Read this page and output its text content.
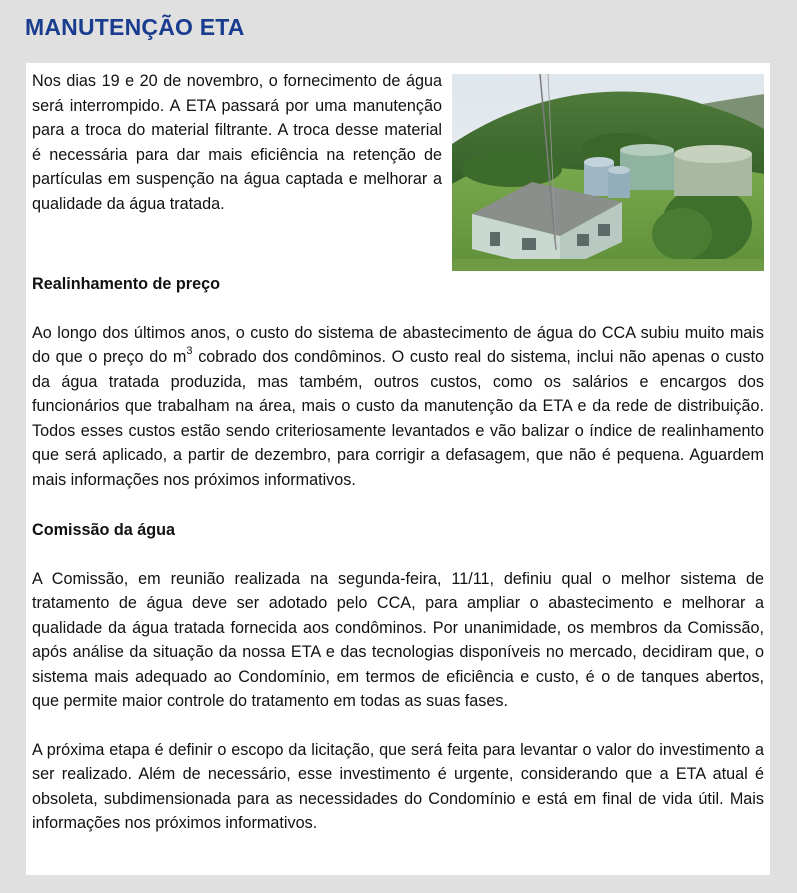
MANUTENÇÃO ETA

Nos dias 19 e 20 de novembro, o fornecimento de água será interrompido. A ETA passará por uma manutenção para a troca do material filtrante. A troca desse material é necessária para dar mais eficiência na retenção de partículas em suspenção na água captada e melhorar a qualidade da água tratada.

Realinhamento de preço

Ao longo dos últimos anos, o custo do sistema de abastecimento de água do CCA subiu muito mais do que o preço do $m^3$ cobrado dos condôminos. O custo real do sistema, inclui não apenas o custo da água tratada produzida, mas também, outros custos, como os salários e encargos dos funcionários que trabalham na área, mais o custo da manutenção da ETA e da rede de distribuição. Todos esses custos estão sendo criteriosamente levantados e vão balizar o índice de realinhamento que será aplicado, a partir de dezembro, para corrigir a defasagem, que não é pequena. Aguardem mais informações nos próximos informativos.

Comissão da água

A Comissão, em reunião realizada na segunda-feira, 11/11, definiu qual o melhor sistema de tratamento de água deve ser adotado pelo CCA, para ampliar o abastecimento e melhorar a qualidade da água tratada fornecida aos condôminos. Por unanimidade, os membros da Comissão, após análise da situação da nossa ETA e das tecnologias disponíveis no mercado, decidiram que, o sistema mais adequado ao Condomínio, em termos de eficiência e custo, é o de tanques abertos, que permite maior controle do tratamento em todas as suas fases.

A próxima etapa é definir o escopo da licitação, que será feita para levantar o valor do investimento a ser realizado. Além de necessário, esse investimento é urgente, considerando que a ETA atual é obsoleta, subdimensionada para as necessidades do Condomínio e está em final de vida útil. Mais informações nos próximos informativos.
